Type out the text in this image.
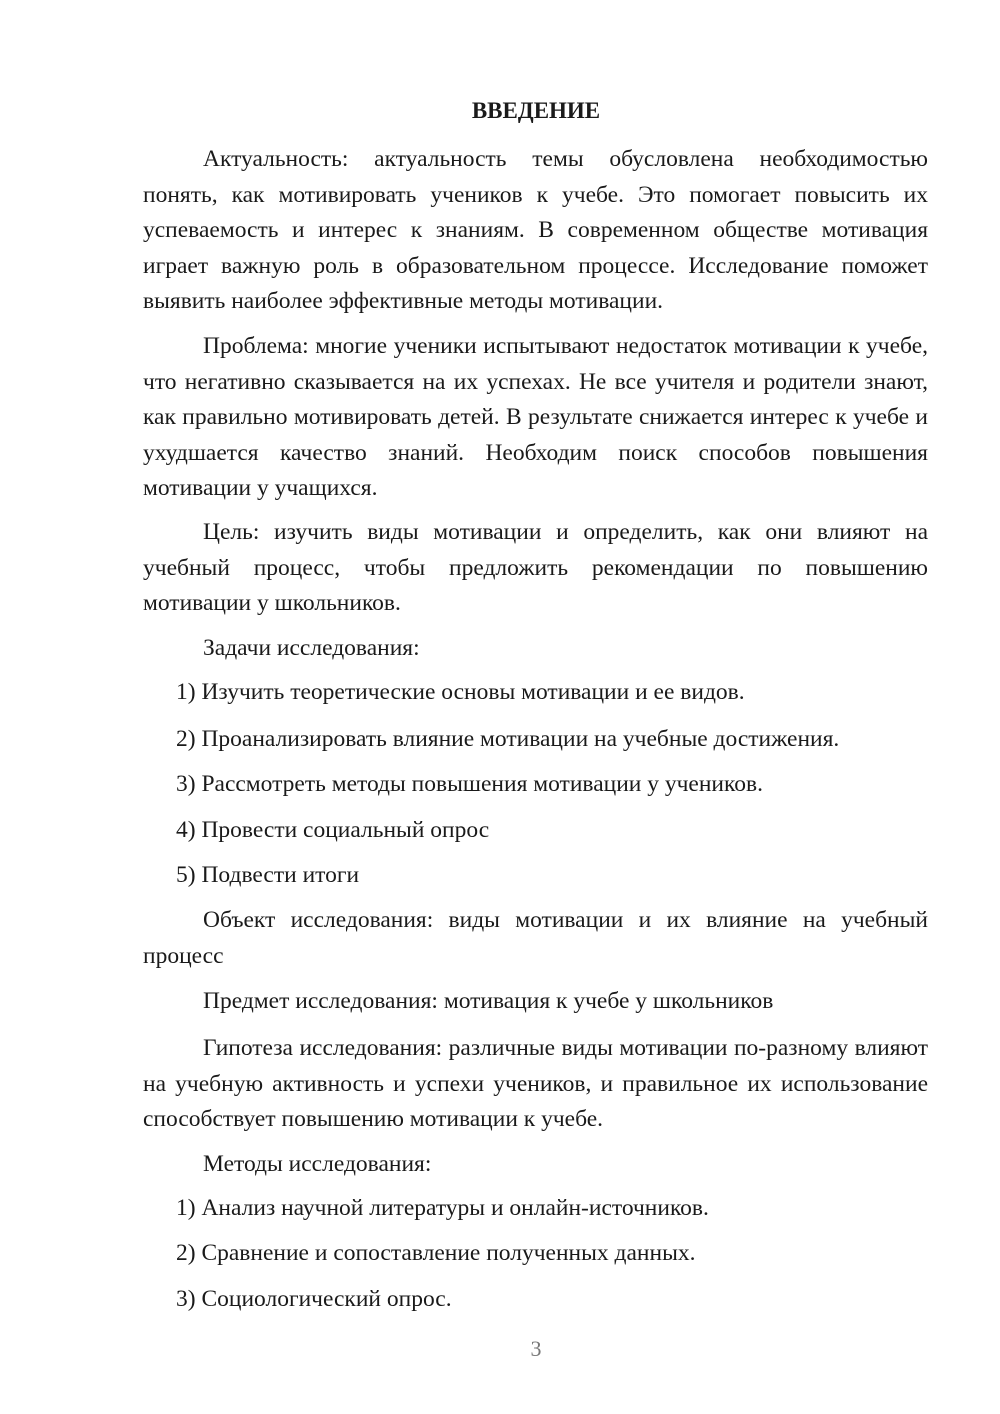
ВВЕДЕНИЕ

Актуальность: актуальность темы обусловлена необходимостью понять, как мотивировать учеников к учебе. Это помогает повысить их успеваемость и интерес к знаниям. В современном обществе мотивация играет важную роль в образовательном процессе. Исследование поможет выявить наиболее эффективные методы мотивации.

Проблема: многие ученики испытывают недостаток мотивации к учебе, что негативно сказывается на их успехах. Не все учителя и родители знают, как правильно мотивировать детей. В результате снижается интерес к учебе и ухудшается качество знаний. Необходим поиск способов повышения мотивации у учащихся.

Цель: изучить виды мотивации и определить, как они влияют на учебный процесс, чтобы предложить рекомендации по повышению мотивации у школьников.

Задачи исследования:

1) Изучить теоретические основы мотивации и ее видов.

2) Проанализировать влияние мотивации на учебные достижения.

3) Рассмотреть методы повышения мотивации у учеников.

4) Провести социальный опрос

5) Подвести итоги

Объект исследования: виды мотивации и их влияние на учебный процесс

Предмет исследования: мотивация к учебе у школьников

Гипотеза исследования: различные виды мотивации по-разному влияют на учебную активность и успехи учеников, и правильное их использование способствует повышению мотивации к учебе.

Методы исследования:

1) Анализ научной литературы и онлайн-источников.

2) Сравнение и сопоставление полученных данных.

3) Социологический опрос.

3
